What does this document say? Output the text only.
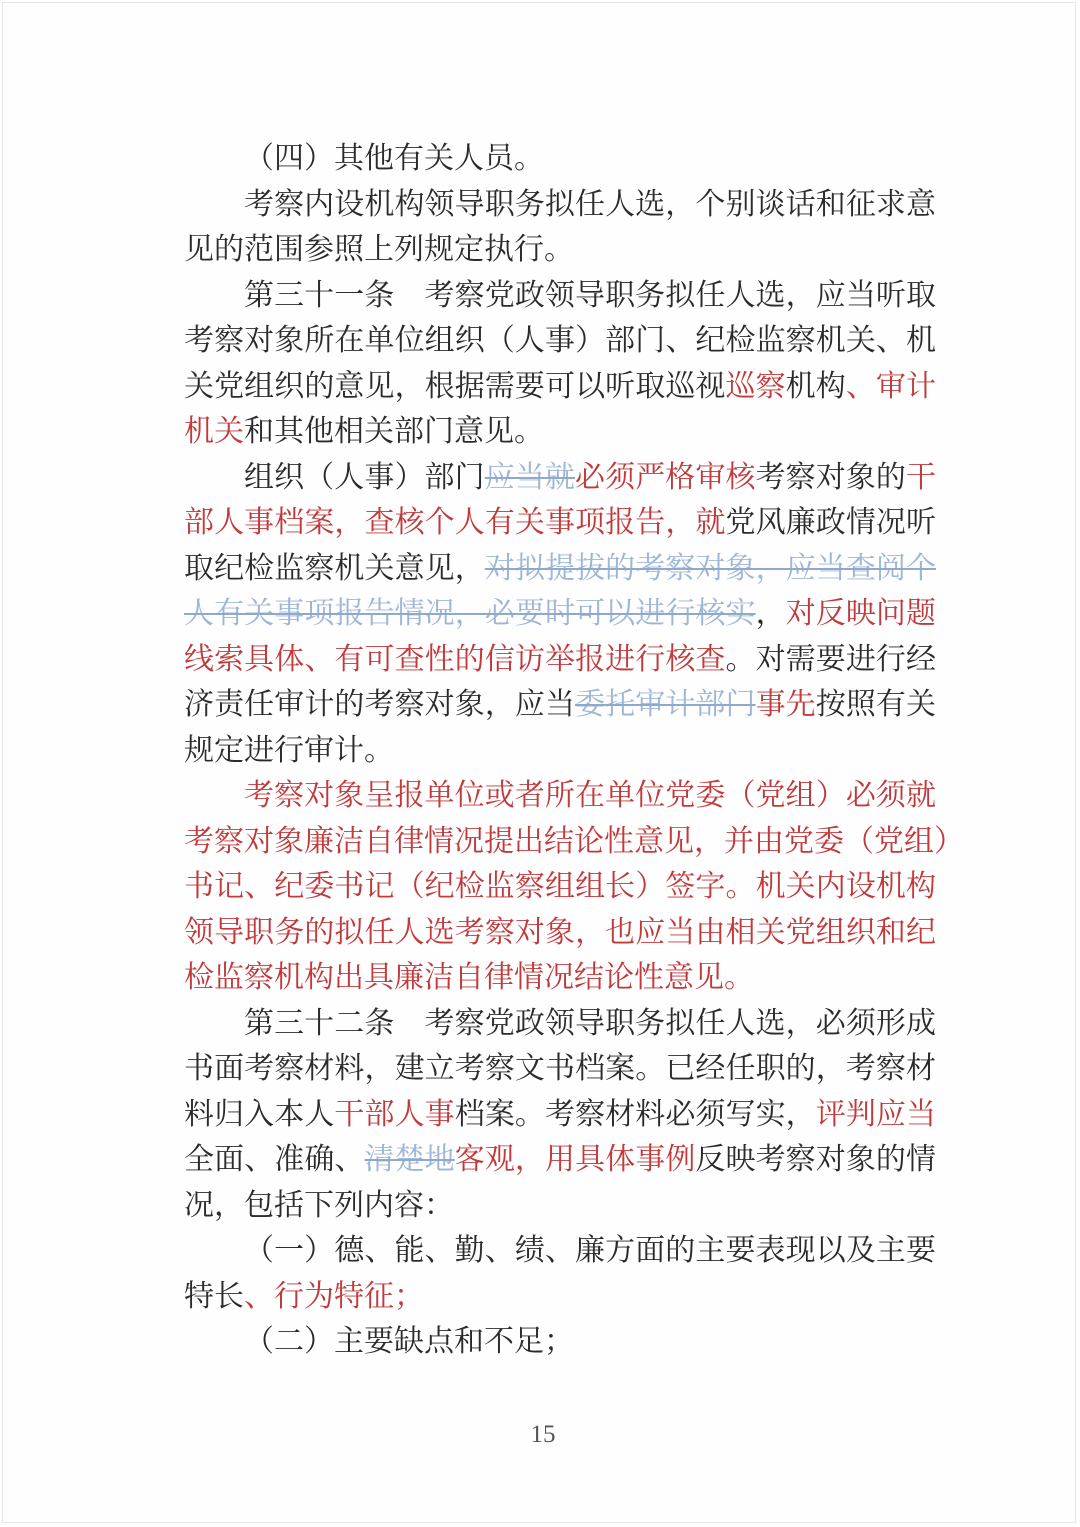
（四）其他有关人员。
考察内设机构领导职务拟任人选，个别谈话和征求意
见的范围参照上列规定执行。
第三十一条　考察党政领导职务拟任人选，应当听取
考察对象所在单位组织（人事）部门、纪检监察机关、机
关党组织的意见，根据需要可以听取巡视巡察机构、审计
机关和其他相关部门意见。
组织（人事）部门应当就必须严格审核考察对象的干
部人事档案，查核个人有关事项报告，就党风廉政情况听
取纪检监察机关意见，对拟提拔的考察对象，应当查阅个
人有关事项报告情况，必要时可以进行核实，对反映问题
线索具体、有可查性的信访举报进行核查。对需要进行经
济责任审计的考察对象，应当委托审计部门事先按照有关
规定进行审计。
考察对象呈报单位或者所在单位党委（党组）必须就
考察对象廉洁自律情况提出结论性意见，并由党委（党组）
书记、纪委书记（纪检监察组组长）签字。机关内设机构
领导职务的拟任人选考察对象，也应当由相关党组织和纪
检监察机构出具廉洁自律情况结论性意见。
第三十二条　考察党政领导职务拟任人选，必须形成
书面考察材料，建立考察文书档案。已经任职的，考察材
料归入本人干部人事档案。考察材料必须写实，评判应当
全面、准确、清楚地客观，用具体事例反映考察对象的情
况，包括下列内容：
（一）德、能、勤、绩、廉方面的主要表现以及主要
特长、行为特征；
（二）主要缺点和不足；
15
